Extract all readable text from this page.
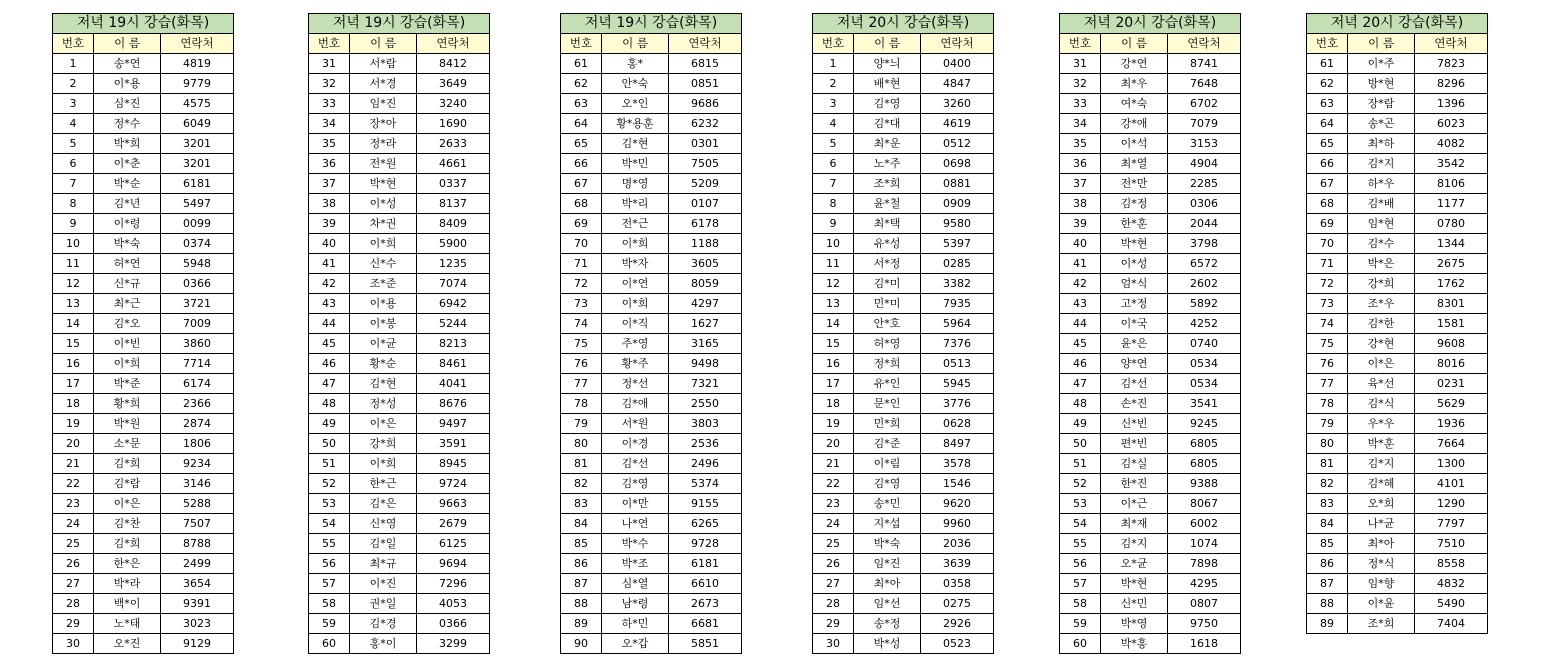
저녁 19시 강습(화목)		
번호	이 름	연락처
1	송*연	4819
2	이*용	9779
3	심*진	4575
4	정*수	6049
5	박*희	3201
6	이*춘	3201
7	박*순	6181
8	김*년	5497
9	이*령	0099
10	박*숙	0374
11	허*연	5948
12	신*규	0366
13	최*근	3721
14	김*오	7009
15	이*빈	3860
16	이*희	7714
17	박*준	6174
18	황*희	2366
19	박*원	2874
20	소*문	1806
21	김*희	9234
22	김*람	3146
23	이*은	5288
24	김*찬	7507
25	김*희	8788
26	한*은	2499
27	박*라	3654
28	백*이	9391
29	노*태	3023
30	오*진	9129
저녁 19시 강습(화목)		
번호	이 름	연락처
31	서*람	8412
32	서*경	3649
33	임*진	3240
34	장*아	1690
35	정*라	2633
36	전*원	4661
37	박*현	0337
38	이*성	8137
39	차*권	8409
40	이*희	5900
41	신*수	1235
42	조*준	7074
43	이*용	6942
44	이*봉	5244
45	이*균	8213
46	황*순	8461
47	김*현	4041
48	정*성	8676
49	이*은	9497
50	강*희	3591
51	이*희	8945
52	한*근	9724
53	김*은	9663
54	신*영	2679
55	김*일	6125
56	최*규	9694
57	이*진	7296
58	권*일	4053
59	김*경	0366
60	홍*이	3299
저녁 19시 강습(화목)		
번호	이 름	연락처
61	홍*	6815
62	안*숙	0851
63	오*인	9686
64	황*용훈	6232
65	김*현	0301
66	박*민	7505
67	명*영	5209
68	박*리	0107
69	전*근	6178
70	이*희	1188
71	박*자	3605
72	이*연	8059
73	이*희	4297
74	이*직	1627
75	주*영	3165
76	황*주	9498
77	정*선	7321
78	김*애	2550
79	서*원	3803
80	이*경	2536
81	김*선	2496
82	김*영	5374
83	이*만	9155
84	나*연	6265
85	박*수	9728
86	박*조	6181
87	심*열	6610
88	남*령	2673
89	하*민	6681
90	오*갑	5851
저녁 20시 강습(화목)		
번호	이 름	연락처
1	양*늬	0400
2	배*현	4847
3	김*영	3260
4	김*대	4619
5	최*운	0512
6	노*주	0698
7	조*희	0881
8	윤*철	0909
9	최*택	9580
10	유*성	5397
11	서*정	0285
12	김*미	3382
13	민*미	7935
14	안*호	5964
15	허*영	7376
16	정*희	0513
17	유*인	5945
18	문*인	3776
19	민*희	0628
20	김*준	8497
21	이*림	3578
22	김*영	1546
23	송*민	9620
24	지*섭	9960
25	박*숙	2036
26	임*진	3639
27	최*아	0358
28	임*선	0275
29	송*정	2926
30	박*성	0523
저녁 20시 강습(화목)		
번호	이 름	연락처
31	강*연	8741
32	최*우	7648
33	여*숙	6702
34	강*애	7079
35	이*석	3153
36	최*열	4904
37	전*만	2285
38	김*정	0306
39	한*훈	2044
40	박*현	3798
41	이*성	6572
42	엄*식	2602
43	고*정	5892
44	이*국	4252
45	윤*은	0740
46	양*연	0534
47	김*선	0534
48	손*진	3541
49	신*빈	9245
50	편*빈	6805
51	김*실	6805
52	한*진	9388
53	이*근	8067
54	최*재	6002
55	김*지	1074
56	오*균	7898
57	박*현	4295
58	신*민	0807
59	박*영	9750
60	박*홍	1618
저녁 20시 강습(화목)		
번호	이 름	연락처
61	이*주	7823
62	방*현	8296
63	장*람	1396
64	송*곤	6023
65	최*하	4082
66	김*지	3542
67	하*우	8106
68	김*배	1177
69	임*현	0780
70	김*수	1344
71	박*은	2675
72	강*희	1762
73	조*우	8301
74	김*한	1581
75	강*현	9608
76	이*은	8016
77	육*선	0231
78	김*식	5629
79	우*우	1936
80	박*훈	7664
81	김*지	1300
82	김*혜	4101
83	오*희	1290
84	나*균	7797
85	최*아	7510
86	정*식	8558
87	임*향	4832
88	이*윤	5490
89	조*희	7404
